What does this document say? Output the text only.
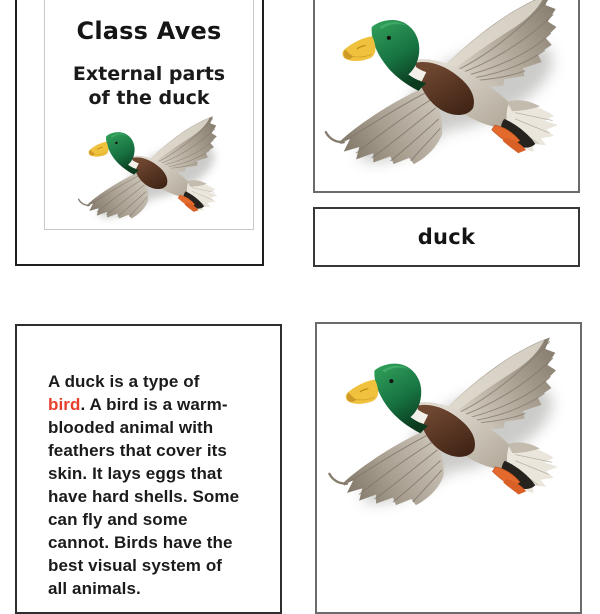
Class Aves
External parts
of the duck
duck
A duck is a type of
bird. A bird is a warm-
blooded animal with
feathers that cover its
skin. It lays eggs that
have hard shells. Some
can fly and some
cannot. Birds have the
best visual system of
all animals.
